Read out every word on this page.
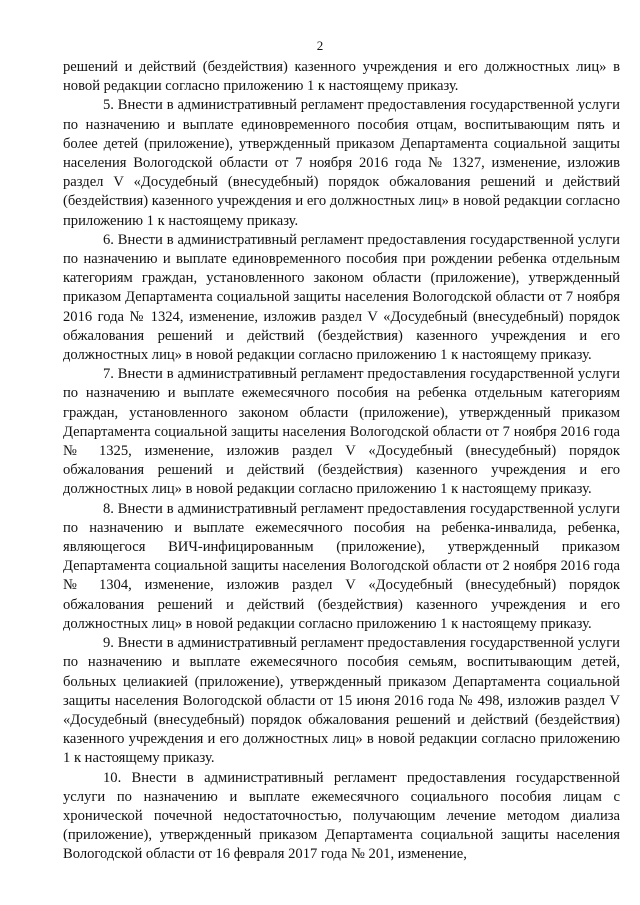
2

решений и действий (бездействия) казенного учреждения и его должностных лиц» в новой редакции согласно приложению 1 к настоящему приказу.

5. Внести в административный регламент предоставления государственной услуги по назначению и выплате единовременного пособия отцам, воспитывающим пять и более детей (приложение), утвержденный приказом Департамента социальной защиты населения Вологодской области от 7 ноября 2016 года № 1327, изменение, изложив раздел V «Досудебный (внесудебный) порядок обжалования решений и действий (бездействия) казенного учреждения и его должностных лиц» в новой редакции согласно приложению 1 к настоящему приказу.

6. Внести в административный регламент предоставления государственной услуги по назначению и выплате единовременного пособия при рождении ребенка отдельным категориям граждан, установленного законом области (приложение), утвержденный приказом Департамента социальной защиты населения Вологодской области от 7 ноября 2016 года № 1324, изменение, изложив раздел V «Досудебный (внесудебный) порядок обжалования решений и действий (бездействия) казенного учреждения и его должностных лиц» в новой редакции согласно приложению 1 к настоящему приказу.

7. Внести в административный регламент предоставления государственной услуги по назначению и выплате ежемесячного пособия на ребенка отдельным категориям граждан, установленного законом области (приложение), утвержденный приказом Департамента социальной защиты населения Вологодской области от 7 ноября 2016 года № 1325, изменение, изложив раздел V «Досудебный (внесудебный) порядок обжалования решений и действий (бездействия) казенного учреждения и его должностных лиц» в новой редакции согласно приложению 1 к настоящему приказу.

8. Внести в административный регламент предоставления государственной услуги по назначению и выплате ежемесячного пособия на ребенка-инвалида, ребенка, являющегося ВИЧ-инфицированным (приложение), утвержденный приказом Департамента социальной защиты населения Вологодской области от 2 ноября 2016 года № 1304, изменение, изложив раздел V «Досудебный (внесудебный) порядок обжалования решений и действий (бездействия) казенного учреждения и его должностных лиц» в новой редакции согласно приложению 1 к настоящему приказу.

9. Внести в административный регламент предоставления государственной услуги по назначению и выплате ежемесячного пособия семьям, воспитывающим детей, больных целиакией (приложение), утвержденный приказом Департамента социальной защиты населения Вологодской области от 15 июня 2016 года № 498, изложив раздел V «Досудебный (внесудебный) порядок обжалования решений и действий (бездействия) казенного учреждения и его должностных лиц» в новой редакции согласно приложению 1 к настоящему приказу.

10. Внести в административный регламент предоставления государственной услуги по назначению и выплате ежемесячного социального пособия лицам с хронической почечной недостаточностью, получающим лечение методом диализа (приложение), утвержденный приказом Департамента социальной защиты населения Вологодской области от 16 февраля 2017 года № 201, изменение,
